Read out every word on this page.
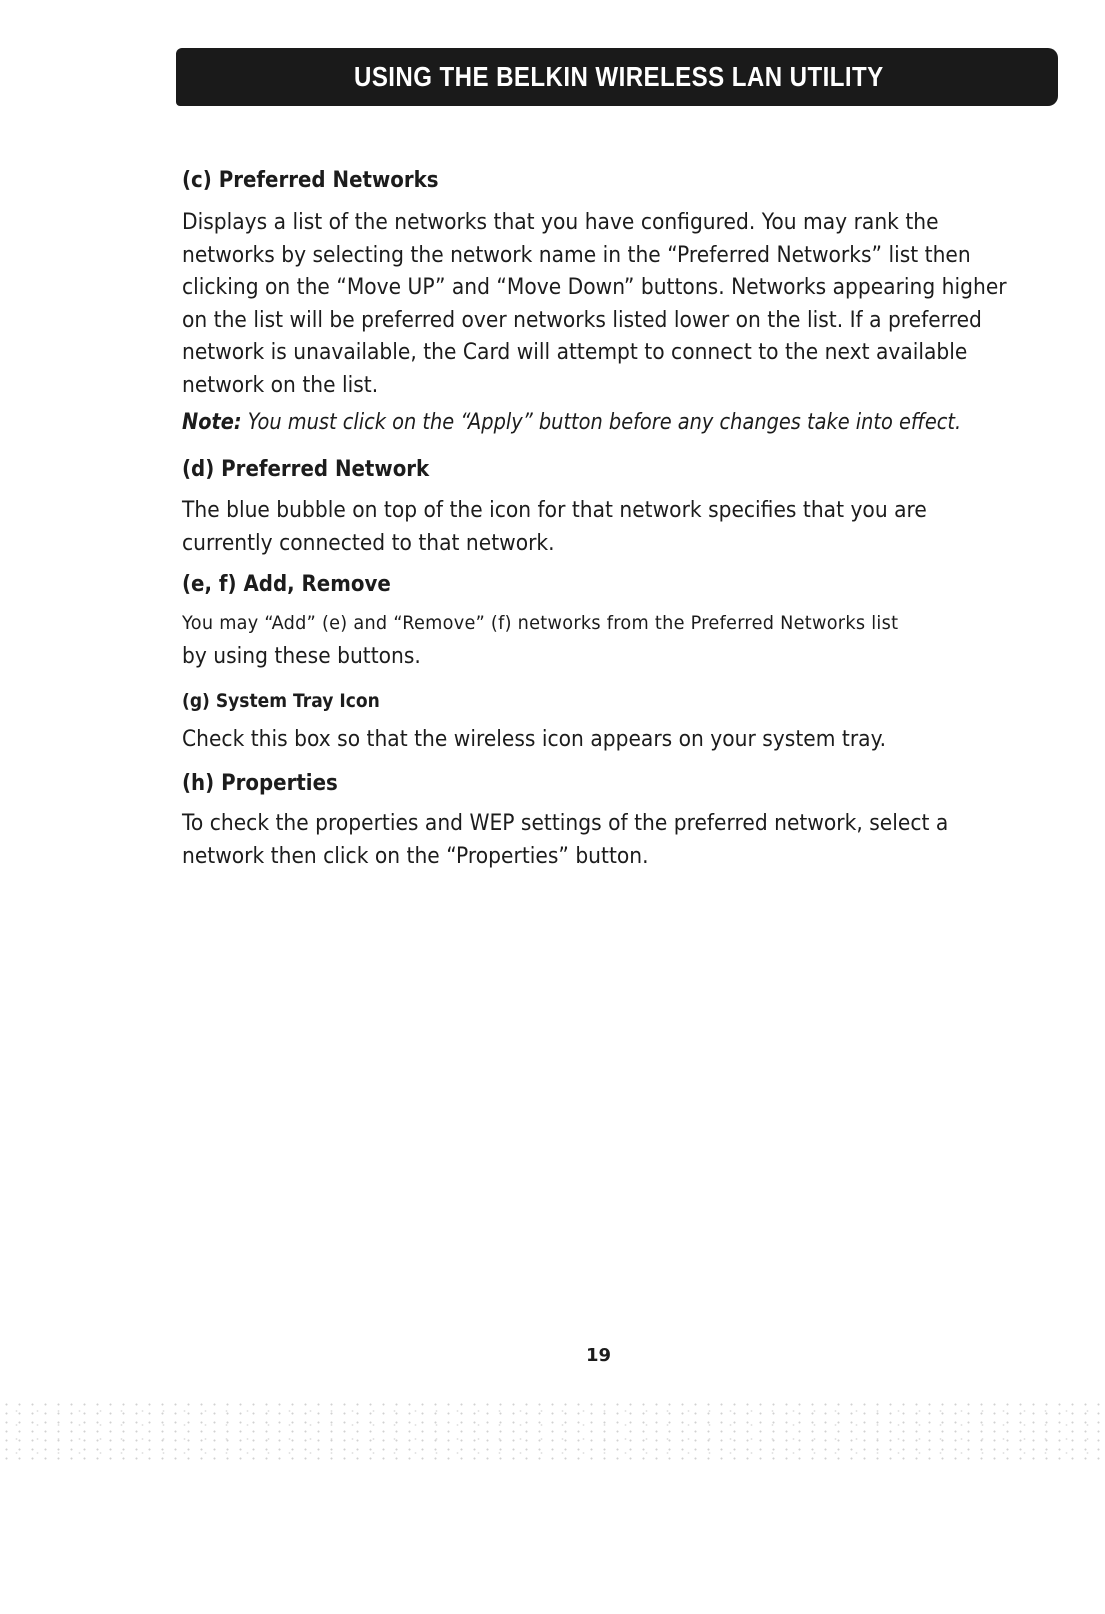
USING THE BELKIN WIRELESS LAN UTILITY
(c) Preferred Networks
Displays a list of the networks that you have configured. You may rank the networks by selecting the network name in the “Preferred Networks” list then clicking on the “Move UP” and “Move Down” buttons. Networks appearing higher on the list will be preferred over networks listed lower on the list. If a preferred network is unavailable, the Card will attempt to connect to the next available network on the list.
Note: You must click on the “Apply” button before any changes take into effect.
(d) Preferred Network
The blue bubble on top of the icon for that network specifies that you are currently connected to that network.
(e, f) Add, Remove
You may “Add” (e) and “Remove” (f) networks from the Preferred Networks list
by using these buttons.
(g) System Tray Icon
Check this box so that the wireless icon appears on your system tray.
(h) Properties
To check the properties and WEP settings of the preferred network, select a network then click on the “Properties” button.
19
